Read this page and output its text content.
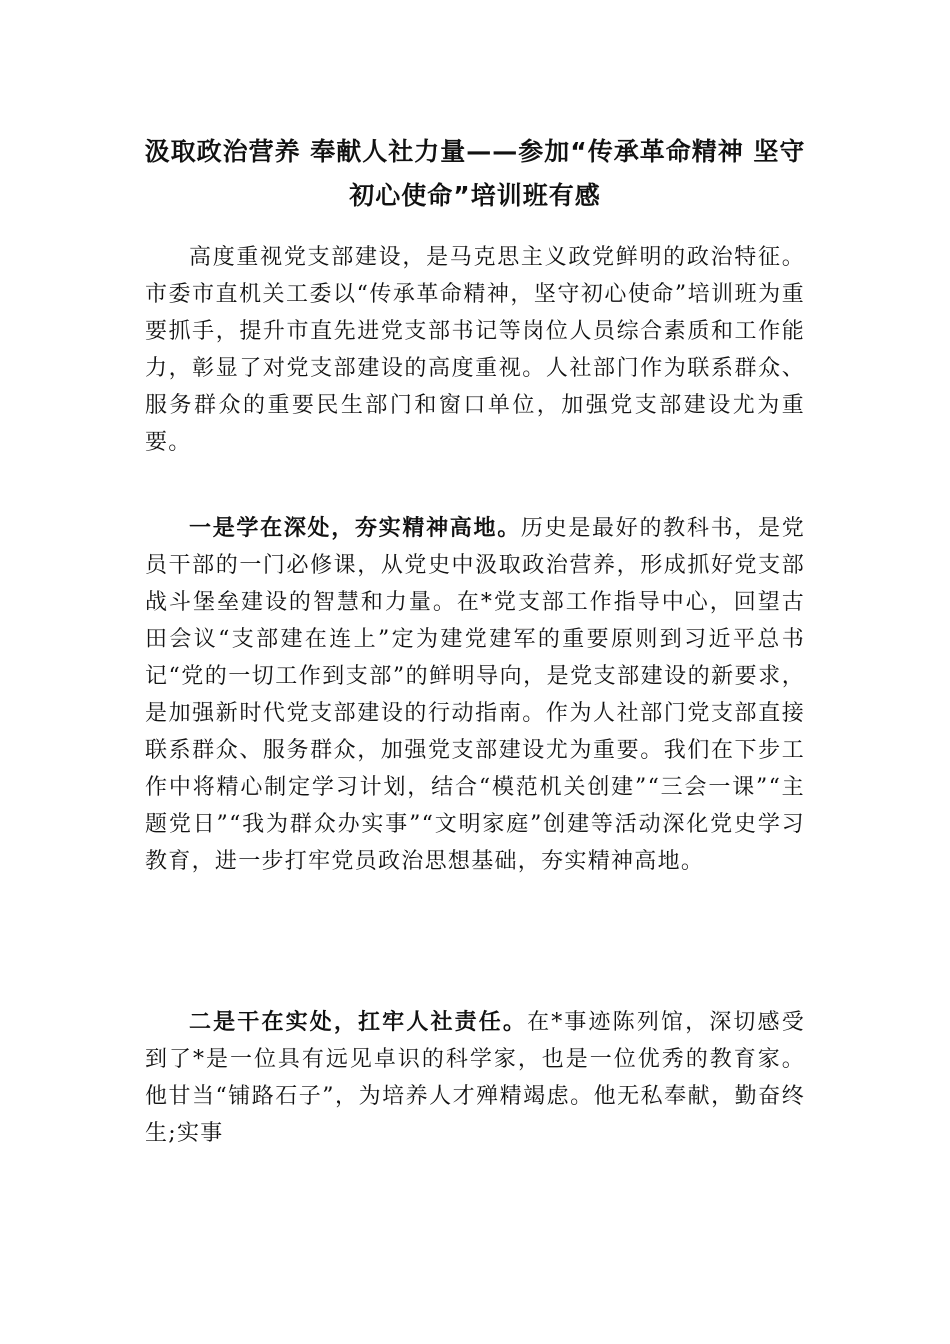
汲取政治营养 奉献人社力量——参加“传承革命精神 坚守初心使命”培训班有感

高度重视党支部建设，是马克思主义政党鲜明的政治特征。市委市直机关工委以“传承革命精神，坚守初心使命”培训班为重要抓手，提升市直先进党支部书记等岗位人员综合素质和工作能力，彰显了对党支部建设的高度重视。人社部门作为联系群众、服务群众的重要民生部门和窗口单位，加强党支部建设尤为重要。

一是学在深处，夯实精神高地。历史是最好的教科书，是党员干部的一门必修课，从党史中汲取政治营养，形成抓好党支部战斗堡垒建设的智慧和力量。在*党支部工作指导中心，回望古田会议“支部建在连上”定为建党建军的重要原则到习近平总书记“党的一切工作到支部”的鲜明导向，是党支部建设的新要求，是加强新时代党支部建设的行动指南。作为人社部门党支部直接联系群众、服务群众，加强党支部建设尤为重要。我们在下步工作中将精心制定学习计划，结合“模范机关创建”“三会一课”“主题党日”“我为群众办实事”“文明家庭”创建等活动深化党史学习教育，进一步打牢党员政治思想基础，夯实精神高地。

二是干在实处，扛牢人社责任。在*事迹陈列馆，深切感受到了*是一位具有远见卓识的科学家，也是一位优秀的教育家。他甘当“铺路石子”，为培养人才殚精竭虑。他无私奉献，勤奋终生;实事
